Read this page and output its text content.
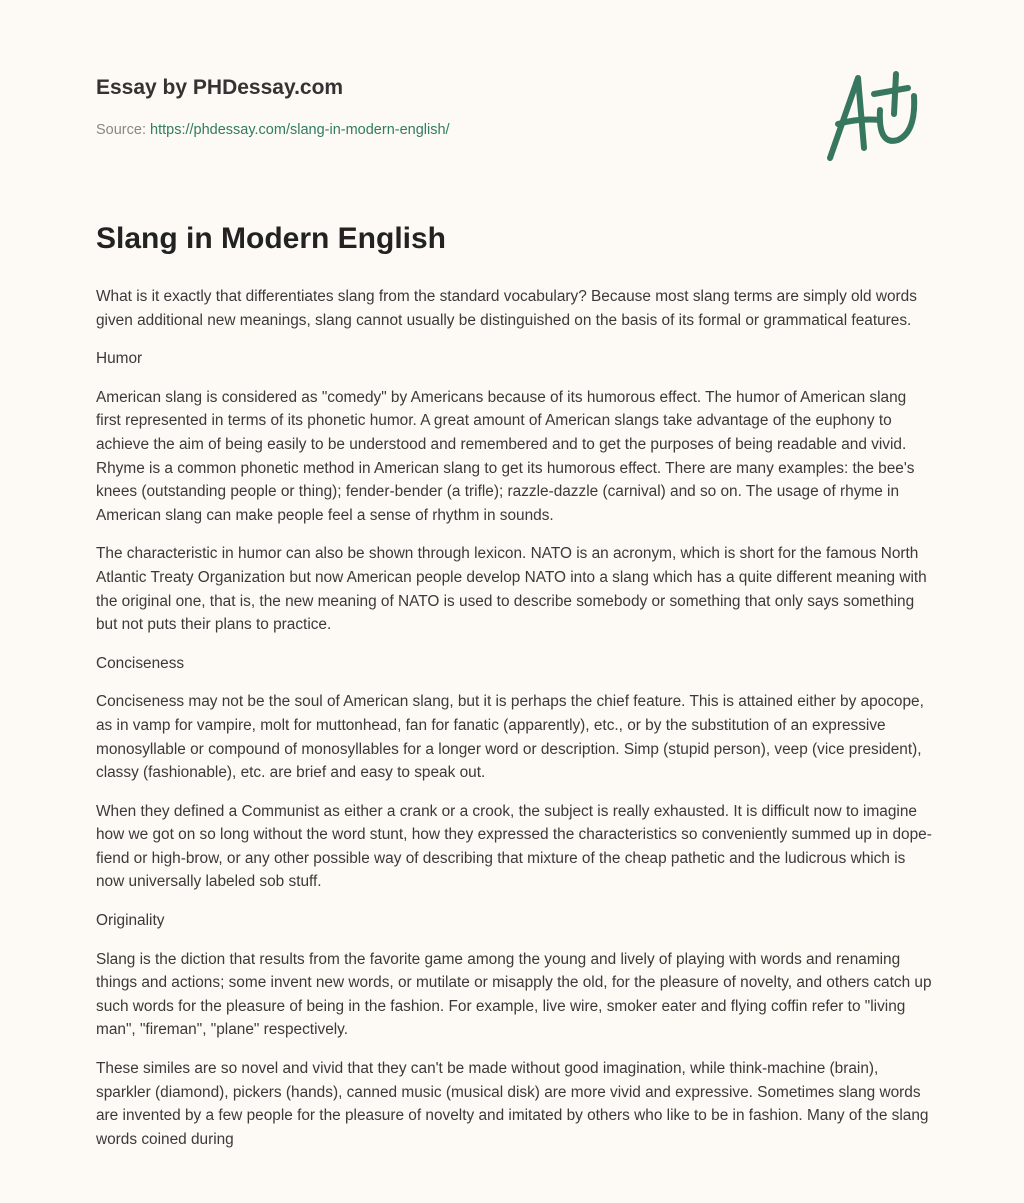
Essay by PHDessay.com
Source: https://phdessay.com/slang-in-modern-english/
Slang in Modern English

What is it exactly that differentiates slang from the standard vocabulary? Because most slang terms are simply old words given additional new meanings, slang cannot usually be distinguished on the basis of its formal or grammatical features.

Humor

American slang is considered as "comedy" by Americans because of its humorous effect. The humor of American slang first represented in terms of its phonetic humor. A great amount of American slangs take advantage of the euphony to achieve the aim of being easily to be understood and remembered and to get the purposes of being readable and vivid. Rhyme is a common phonetic method in American slang to get its humorous effect. There are many examples: the bee's knees (outstanding people or thing); fender-bender (a trifle); razzle-dazzle (carnival) and so on. The usage of rhyme in American slang can make people feel a sense of rhythm in sounds.

The characteristic in humor can also be shown through lexicon. NATO is an acronym, which is short for the famous North Atlantic Treaty Organization but now American people develop NATO into a slang which has a quite different meaning with the original one, that is, the new meaning of NATO is used to describe somebody or something that only says something but not puts their plans to practice.

Conciseness

Conciseness may not be the soul of American slang, but it is perhaps the chief feature. This is attained either by apocope, as in vamp for vampire, molt for muttonhead, fan for fanatic (apparently), etc., or by the substitution of an expressive monosyllable or compound of monosyllables for a longer word or description. Simp (stupid person), veep (vice president), classy (fashionable), etc. are brief and easy to speak out.

When they defined a Communist as either a crank or a crook, the subject is really exhausted. It is difficult now to imagine how we got on so long without the word stunt, how they expressed the characteristics so conveniently summed up in dope-fiend or high-brow, or any other possible way of describing that mixture of the cheap pathetic and the ludicrous which is now universally labeled sob stuff.

Originality

Slang is the diction that results from the favorite game among the young and lively of playing with words and renaming things and actions; some invent new words, or mutilate or misapply the old, for the pleasure of novelty, and others catch up such words for the pleasure of being in the fashion. For example, live wire, smoker eater and flying coffin refer to "living man", "fireman", "plane" respectively.

These similes are so novel and vivid that they can't be made without good imagination, while think-machine (brain), sparkler (diamond), pickers (hands), canned music (musical disk) are more vivid and expressive. Sometimes slang words are invented by a few people for the pleasure of novelty and imitated by others who like to be in fashion. Many of the slang words coined during
